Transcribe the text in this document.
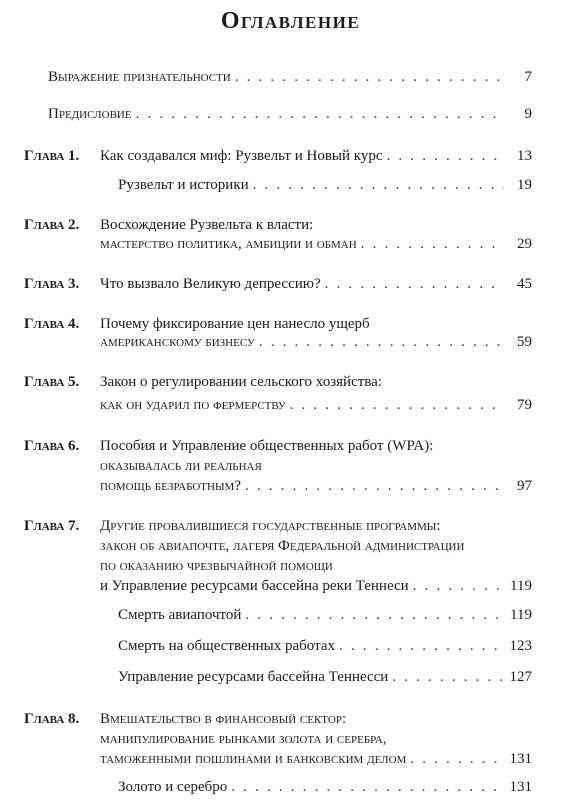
Оглавление
Выражение признательности . . .	7
Предисловие . . .	9
Глава 1. Как создавался миф: Рузвельт и Новый курс . . .	13
Рузвельт и историки . . .	19
Глава 2. Восхождение Рузвельта к власти:
мастерство политика, амбиции и обман . . .	29
Глава 3. Что вызвало Великую депрессию? . . .	45
Глава 4. Почему фиксирование цен нанесло ущерб
американскому бизнесу . . .	59
Глава 5. Закон о регулировании сельского хозяйства:
как он ударил по фермерству . . .	79
Глава 6. Пособия и Управление общественных работ (WPA):
оказывалась ли реальная
помощь безработным? . . .	97
Глава 7. Другие провалившиеся государственные программы:
закон об авиапочте, лагеря Федеральной администрации
по оказанию чрезвычайной помощи
и Управление ресурсами бассейна реки Теннеси . . .	119
Смерть авиапочтой . . .	119
Смерть на общественных работах . . .	123
Управление ресурсами бассейна Теннесси . . .	127
Глава 8. Вмешательство в финансовый сектор:
манипулирование рынками золота и серебра,
таможенными пошлинами и банковским делом . . .	131
Золото и серебро . . .	131
